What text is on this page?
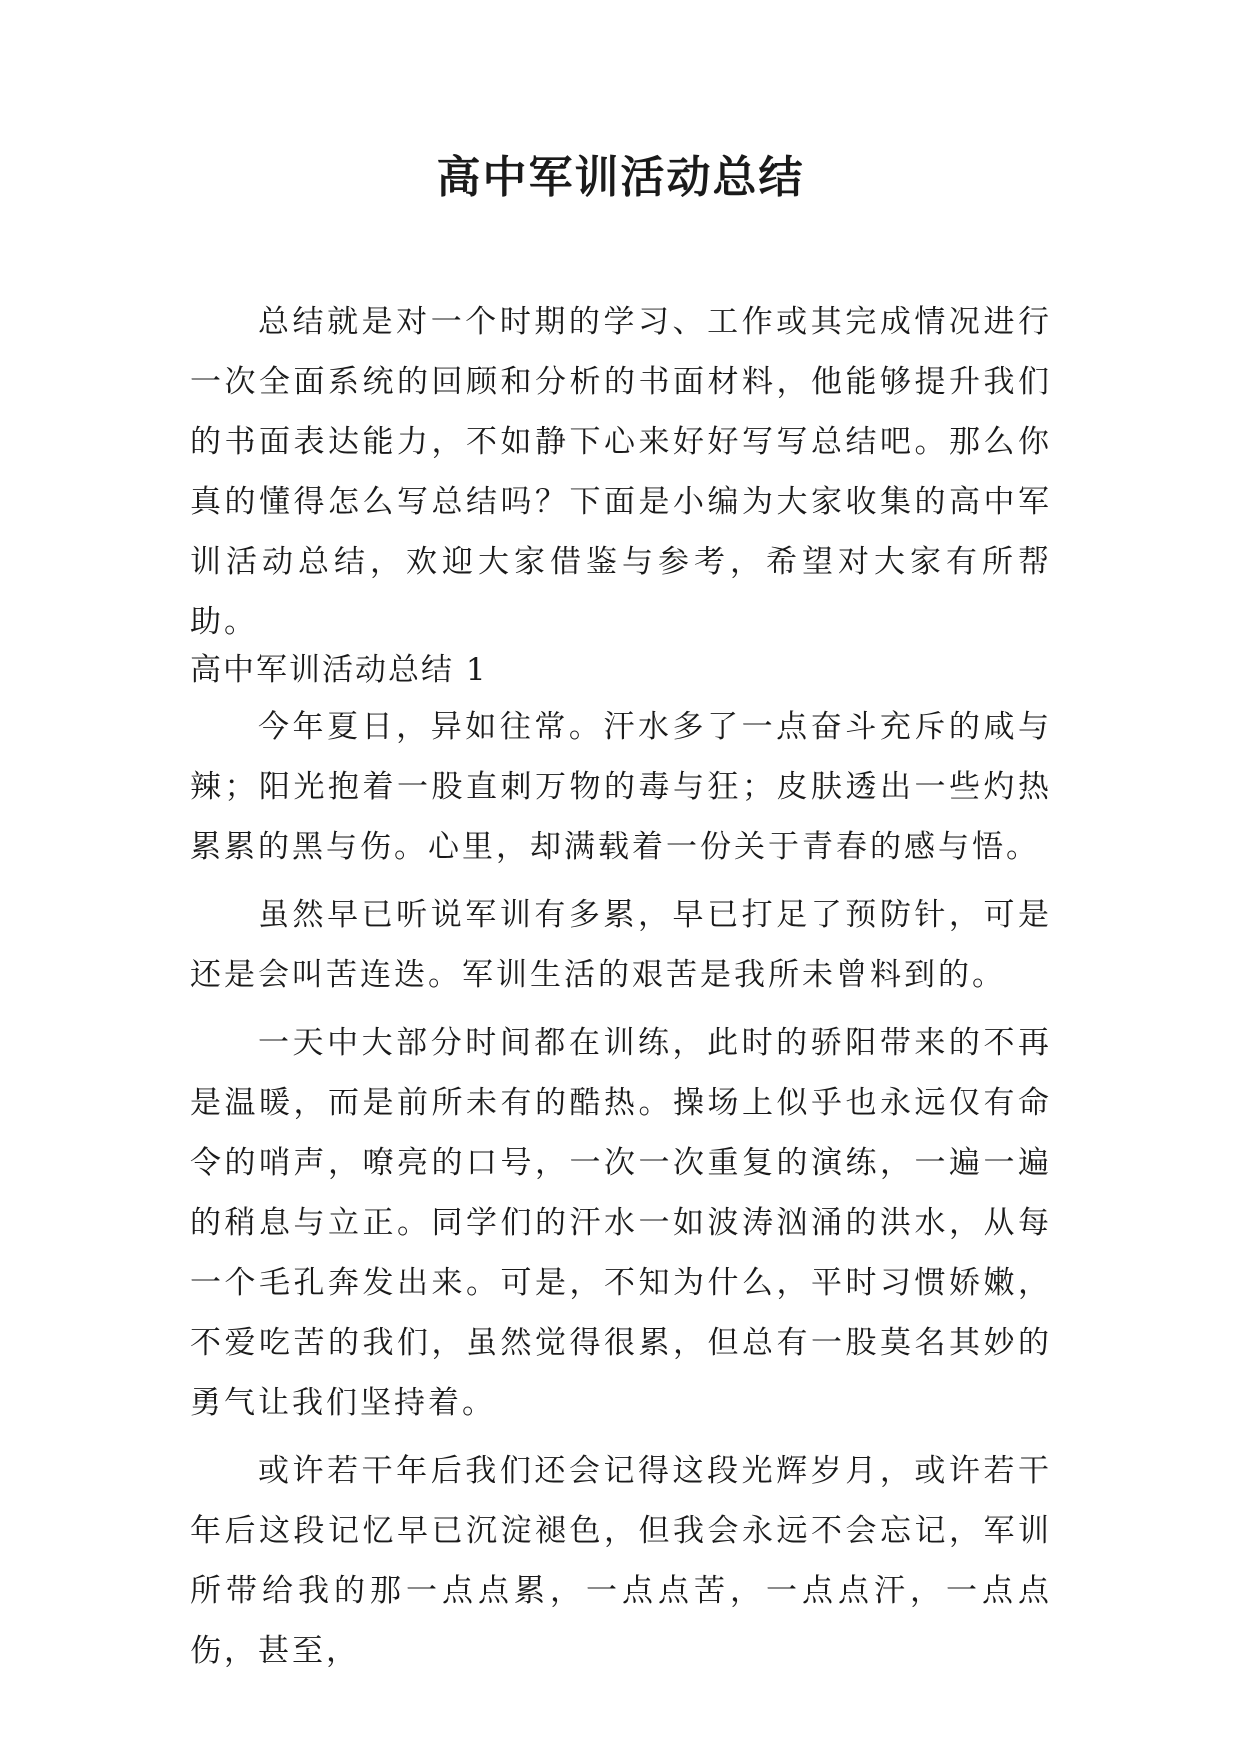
高中军训活动总结

总结就是对一个时期的学习、工作或其完成情况进行一次全面系统的回顾和分析的书面材料，他能够提升我们的书面表达能力，不如静下心来好好写写总结吧。那么你真的懂得怎么写总结吗？下面是小编为大家收集的高中军训活动总结，欢迎大家借鉴与参考，希望对大家有所帮助。

高中军训活动总结 1

今年夏日，异如往常。汗水多了一点奋斗充斥的咸与辣；阳光抱着一股直刺万物的毒与狂；皮肤透出一些灼热累累的黑与伤。心里，却满载着一份关于青春的感与悟。

虽然早已听说军训有多累，早已打足了预防针，可是还是会叫苦连迭。军训生活的艰苦是我所未曾料到的。

一天中大部分时间都在训练，此时的骄阳带来的不再是温暖，而是前所未有的酷热。操场上似乎也永远仅有命令的哨声，嘹亮的口号，一次一次重复的演练，一遍一遍的稍息与立正。同学们的汗水一如波涛汹涌的洪水，从每一个毛孔奔发出来。可是，不知为什么，平时习惯娇嫩，不爱吃苦的我们，虽然觉得很累，但总有一股莫名其妙的勇气让我们坚持着。

或许若干年后我们还会记得这段光辉岁月，或许若干年后这段记忆早已沉淀褪色，但我会永远不会忘记，军训所带给我的那一点点累，一点点苦，一点点汗，一点点伤，甚至，
